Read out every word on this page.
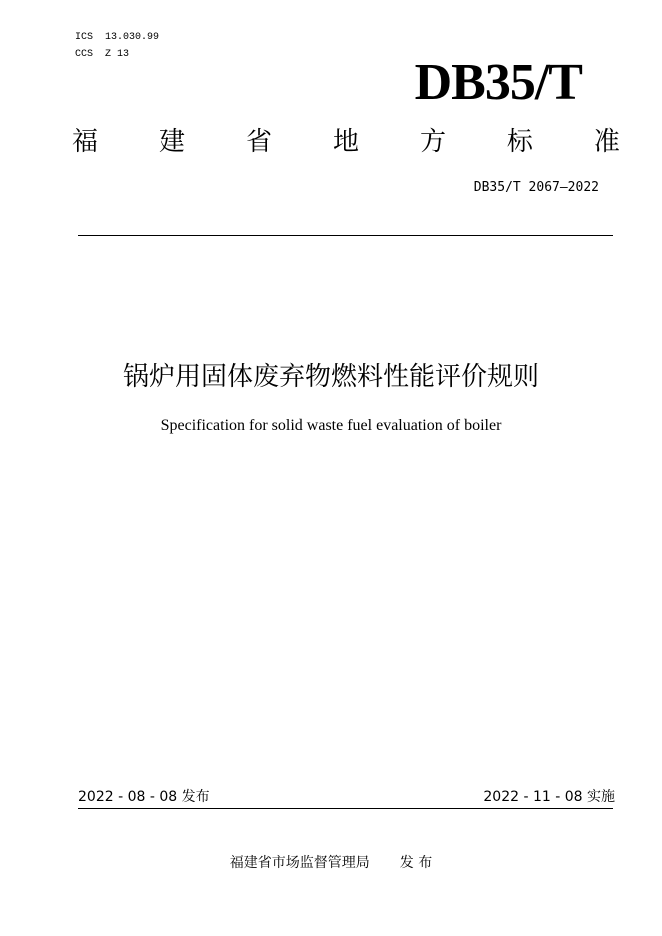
ICS  13.030.99
CCS  Z 13	DB35/T
福 建 省 地 方 标 准
DB35/T 2067—2022
锅炉用固体废弃物燃料性能评价规则
Specification for solid waste fuel evaluation of boiler
2022 - 08 - 08 发布	2022 - 11 - 08 实施
福建省市场监督管理局 发 布
